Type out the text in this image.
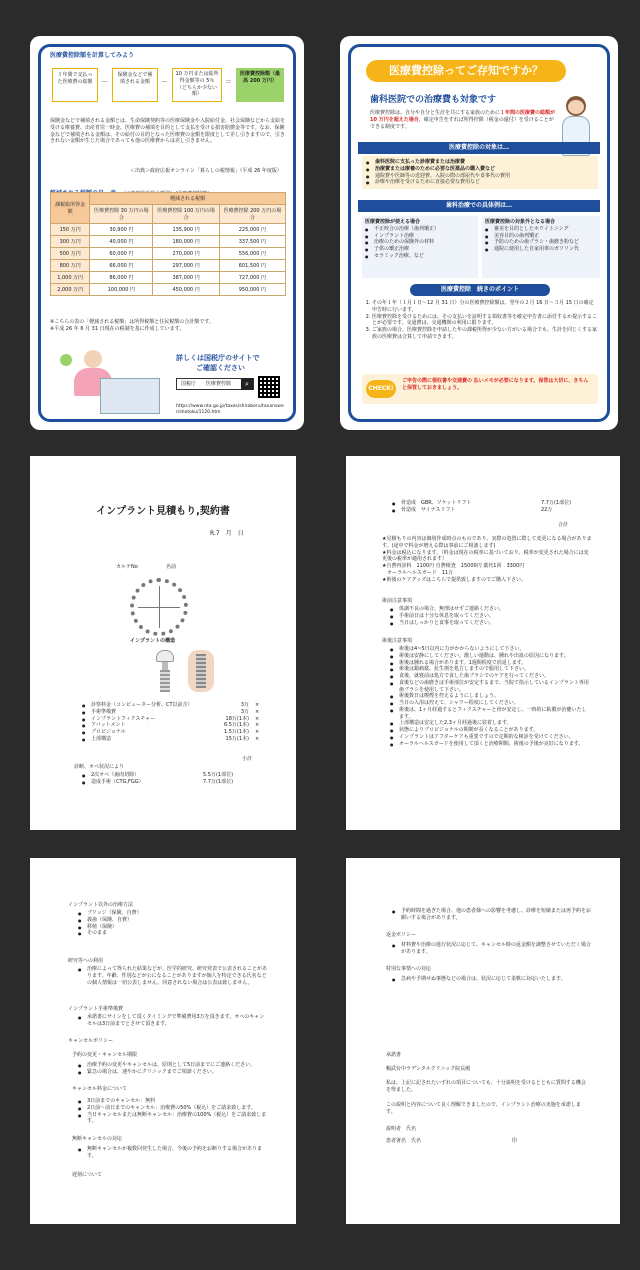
医療費控除額を計算してみよう
１年間で支払った医療費の総額	－
保険金などで補填される金額	－
10 万円または総所得金額等の 5％（どちらか少ない額）
＝
医療費控除額（最高 200 万円）
保険金などで補填される金額とは、生命保険契約等の医療保険金や入院給付金、社会保険などから支給を受ける療養費、出産育児一時金、医療費の補填を目的として支払を受ける損害賠償金等です。なお、保険金などで補填される金額は、その給付の目的となった医療費の金額を限度として差し引きますので、引ききれない金額が生じた場合であっても他の医療費からは差し引きません。
＜出典＞政府広報オンライン「暮らしの税情報」（平成 26 年度版）
課税総所得金額	軽減される税額		
	医療費控除 30 万円の場合	医療費控除 100 万円の場合	医療費控除 200 万円の場合
150 万円	30,900 円	135,900 円	225,000 円
300 万円	40,000 円	180,000 円	337,500 円
500 万円	60,000 円	270,000 円	556,000 円
800 万円	66,000 円	297,000 円	601,500 円
1,000 万円	86,000 円	387,000 円	727,000 円
2,000 万円	100,000 円	450,000 円	950,000 円
※こちらの表の「軽減される税額」は所得税額と住民税額の合計額です。
※平成 26 年 6 月 31 日現在の税制を基に作成しています。
詳しくは国税庁のサイトで
ご確認ください
国税庁 医療費控除	⌕
https://www.nta.go.jp/taxes/shiraberu/taxanswer/shotoku/1120.htm
医療費控除ってご存知ですか？
歯科医院での治療費も対象です
医療費控除は、自分や自分と生計を共にする家族のために１年間の医療費の総額が 10 万円を超えた場合、確定申告をすれば所得控除（税金の還付）を受けることができる制度です。
医療費控除の対象は…
● 歯科医院に支払った診療費または治療費
● 治療費または療養のために必要な医薬品の購入費など
● 通院費や医師等の送迎費、入院の際の部屋代や食事代の費用
● 診療や治療を受けるために直接必要な費用など
歯科治療での具体例は…
医療費控除が使える場合
● 不正咬合の治療（歯列矯正）
● インプラント治療
● 治療のための保険外の材料
● 子供の矯正治療
● セラミック治療、など
医療費控除の対象外となる場合
● 審美を目的としたホワイトニング
● 美容目的の歯列矯正
● 予防のための歯ブラシ・歯磨き粉など
● 通院に使用した自家用車のガソリン代
医療費控除　続きのポイント
1. その年１年（１月１日〜12 月 31 日）分の医療費控除額は、翌年の２月 16 日〜３月 15 日の確定申告時に行います。
2. 医療費控除を受けるためには、その支払いを証明する領収書等を確定申告書に添付するか提示することが必要です。交通費は、交通機関の利用に限ります。
3. ご家族の場合、医療費控除を申請した年の課税所得が少ない方がいる場合でも、生計を同じくする家族の医療費は合算して申請できます。
CHECK!
ご申告の際に領収書や交通費の 払いメモが必要になります。保管は大切に、きちんと保管しておきましょう。
インプラント見積もり,契約書
R.7　月　日
カルテNo	名前
インプラントの構造
● 診察料金（コンピューター分析、CT以前含）	3万 ×
● 手術準備費	3万 ×
● インプラントフィクスチャー	18万(1本) ×
● アバットメント	6.5万(1本) ×
● プロビジョナル	1.5万(1本) ×
● 上部構造	15万(1本) ×
小計
診断、オペ状況により
● 2次オペ（歯肉切除）	5.5万(1部位)
● 造成手術（CTG,FGG）	7.7万(1部位)
● 骨造成　GBR、ソケットリフト	7.7万(1部位)
● 骨造成　サイナスリフト	22万
合計
★見積もりの内容は個別作成時点のものであり、実際の処置に際して変更になる場合があります。(途中で料金が増える際は事前にご相談します)
★料金は税込になります。（料金は現在の税率に基づいており、税率が変更された場合には変更後の税率が適用されます）
★自費再診料　1100円 自費検査　15000円 薬代1回　3300円
　オーラルヘルスガード　11万
★術後のケアグッズはこちらで提供致しますのでご購入下さい。
術前注意事項
● 体調不良の場合、無理はせずご連絡ください。
● 手術前日は十分な休息を取ってください。
● 当日はしっかりと食事を取ってください。
術後注意事項
● 術後は4~5日以内に力がかからないようにして下さい。
● 術後は安静にしてください。激しい運動は、腫れや出血の原因になります。
● 術後は腫れる場合があります。1週間程度で消退します。
● 術後は鎮痛薬、抗生剤を処方しますので服用して下さい。
● 食後、就寝前は処方で食した歯ブラシでのケアを行ってください。
● 食後などの歯磨きは手術部位が安定するまで、当院で指示しているインプラント専用歯ブラシを使用して下さい。
● 術後数日は喫煙を控えるようにしましょう。
● 当日の入浴は控えて、シャワー程度にしてください。
● 術後は、1ヶ月経過するとフィクスチャーと骨が安定し、一時的に粘膜が治癒いたします。
● 上部構造は安定した2,3ヶ月経過後に装着します。
● 状態によりプロビジョナルの期間が長くなることがあります。
● インプラントはアフターケアも重要ですので定期的な検診を受けてください。
● オーラルヘルスガードを使用して頂くと治療期間、術後の予後が良好になります。
インプラント以外の治療方法
● ブリッジ（保険、自費）
● 義歯（保険、自費）
● 移植（保険）
● そのまま
研究等への利用
● 治療によって得られた結果などが、医学的研究、研究発表で公表されることがあります。年齢、性別などが公になることがありますが個人を特定できる氏名などの個人情報は一切公表しません。同意されない場合は公表は致しません。
インプラント手術準備費
● 承諾書にサインをして頂くタイミングで準備費用3万を頂きます。オペのキャンセルは3日前までとさせて頂きます。
キャンセルポリシー
予約の変更・キャンセル期限
● 治療予約の変更やキャンセルは、原則として5日前までにご連絡ください。
● 緊急の場合は、速やかにクリニックまでご相談ください。
キャンセル料金について
● 3日前までのキャンセル：無料
● 2日前〜前日までのキャンセル：治療費の50%（税込）をご請求致します。
● 当日キャンセルまたは無断キャンセル：治療費の100%（税込）をご請求致します。
無断キャンセルの対応
● 無断キャンセルが複数回発生した場合、今後の予約をお断りする場合があります。
遅刻について
● 予約時間を過ぎた場合、他の患者様への影響を考慮し、診療を短縮または再予約をお願いする場合があります。
返金ポリシー
● 材料費や治療の進行状況に応じて、キャンセル時の返金額を調整させていただく場合があります。
特別な事情への対応
● 急病や予期せぬ事態などの場合は、状況に応じて柔軟に対応いたします。
承諾書
暢武台中ラデンタルクリニック院長殿
私は、上記に記されたいずれの項目についても、十分説明を受けるとともに質問する機会を得ました。
この説明と内容について良く理解できましたので、インプラント治療の実施を承諾します。
説明者　氏名
患者署名　氏名	印
